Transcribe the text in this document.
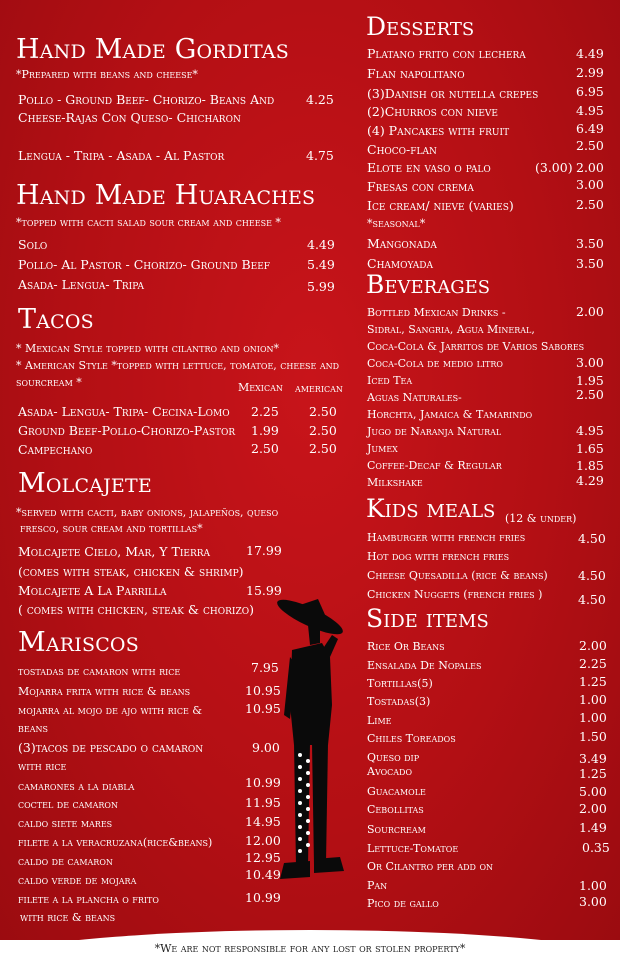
Hand Made Gorditas
*Prepared with beans and cheese*
Pollo - Ground Beef- Chorizo- Beans And
Cheese-Rajas Con Queso- Chicharon
4.25
Lengua - Tripa - Asada - Al Pastor	4.75
Hand Made Huaraches
*topped with cacti salad sour cream and cheese *
Solo	4.49
Pollo- Al Pastor - Chorizo- Ground Beef	5.49
Asada- Lengua- Tripa	5.99
Tacos
* Mexican Style topped with cilantro and onion*
* American Style *topped with lettuce, tomatoe, cheese and
sourcream *	Mexican american
Asada- Lengua- Tripa- Cecina-Lomo 2.25 2.50
Ground Beef-Pollo-Chorizo-Pastor 1.99 2.50
Campechano	2.50 2.50
Molcajete
*served with cacti, baby onions, jalapeños, queso
fresco, sour cream and tortillas*
Molcajete Cielo, Mar, Y Tierra	17.99
(comes with steak, chicken & shrimp)
Molcajete A La Parrilla	15.99
( comes with chicken, steak & chorizo)
Mariscos
tostadas de camaron with rice	7.95
Mojarra frita with rice & beans	10.95
mojarra al mojo de ajo with rice &
beans
10.95
(3)tacos de pescado o camaron
with rice
9.00
camarones a la diabla	10.99
coctel de camaron	11.95
caldo siete mares	14.95
filete a la veracruzana(rice&beans)	12.00
caldo de camaron	12.95
caldo verde de mojara	10.49
filete a la plancha o frito
with rice & beans
10.99
Desserts
Platano frito con lechera	4.49
Flan napolitano	2.99
(3)Danish or nutella crepes	6.95
(2)Churros con nieve	4.95
(4) Pancakes with fruit	6.49
Choco-flan	2.50
Elote en vaso o palo	(3.00) 2.00
Fresas con crema	3.00
Ice cream/ nieve (varies)	2.50
*seasonal*
Mangonada	3.50
Chamoyada	3.50
Beverages
Bottled Mexican Drinks -	2.00
Sidral, Sangria, Agua Mineral,
Coca-Cola & Jarritos de Varios Sabores
Coca-Cola de medio litro	3.00
Iced Tea	1.95
Aguas Naturales-	2.50
Horchta, Jamaica & Tamarindo
Jugo de Naranja Natural	4.95
Jumex	1.65
Coffee-Decaf & Regular	1.85
Milkshake	4.29
Kids meals (12 & under)
Hamburger with french fries	4.50
Hot dog with french fries
Cheese Quesadilla (rice & beans) 4.50
Chicken Nuggets (french fries )	4.50
Side items
Rice Or Beans	2.00
Ensalada De Nopales	2.25
Tortillas(5)	1.25
Tostadas(3)	1.00
Lime	1.00
Chiles Toreados	1.50
Queso dip	3.49
Avocado	1.25
Guacamole	5.00
Cebollitas	2.00
Sourcream	1.49
Lettuce-Tomatoe	0.35
Or Cilantro per add on
Pan	1.00
Pico de gallo	3.00
*We are not responsible for any lost or stolen property*
